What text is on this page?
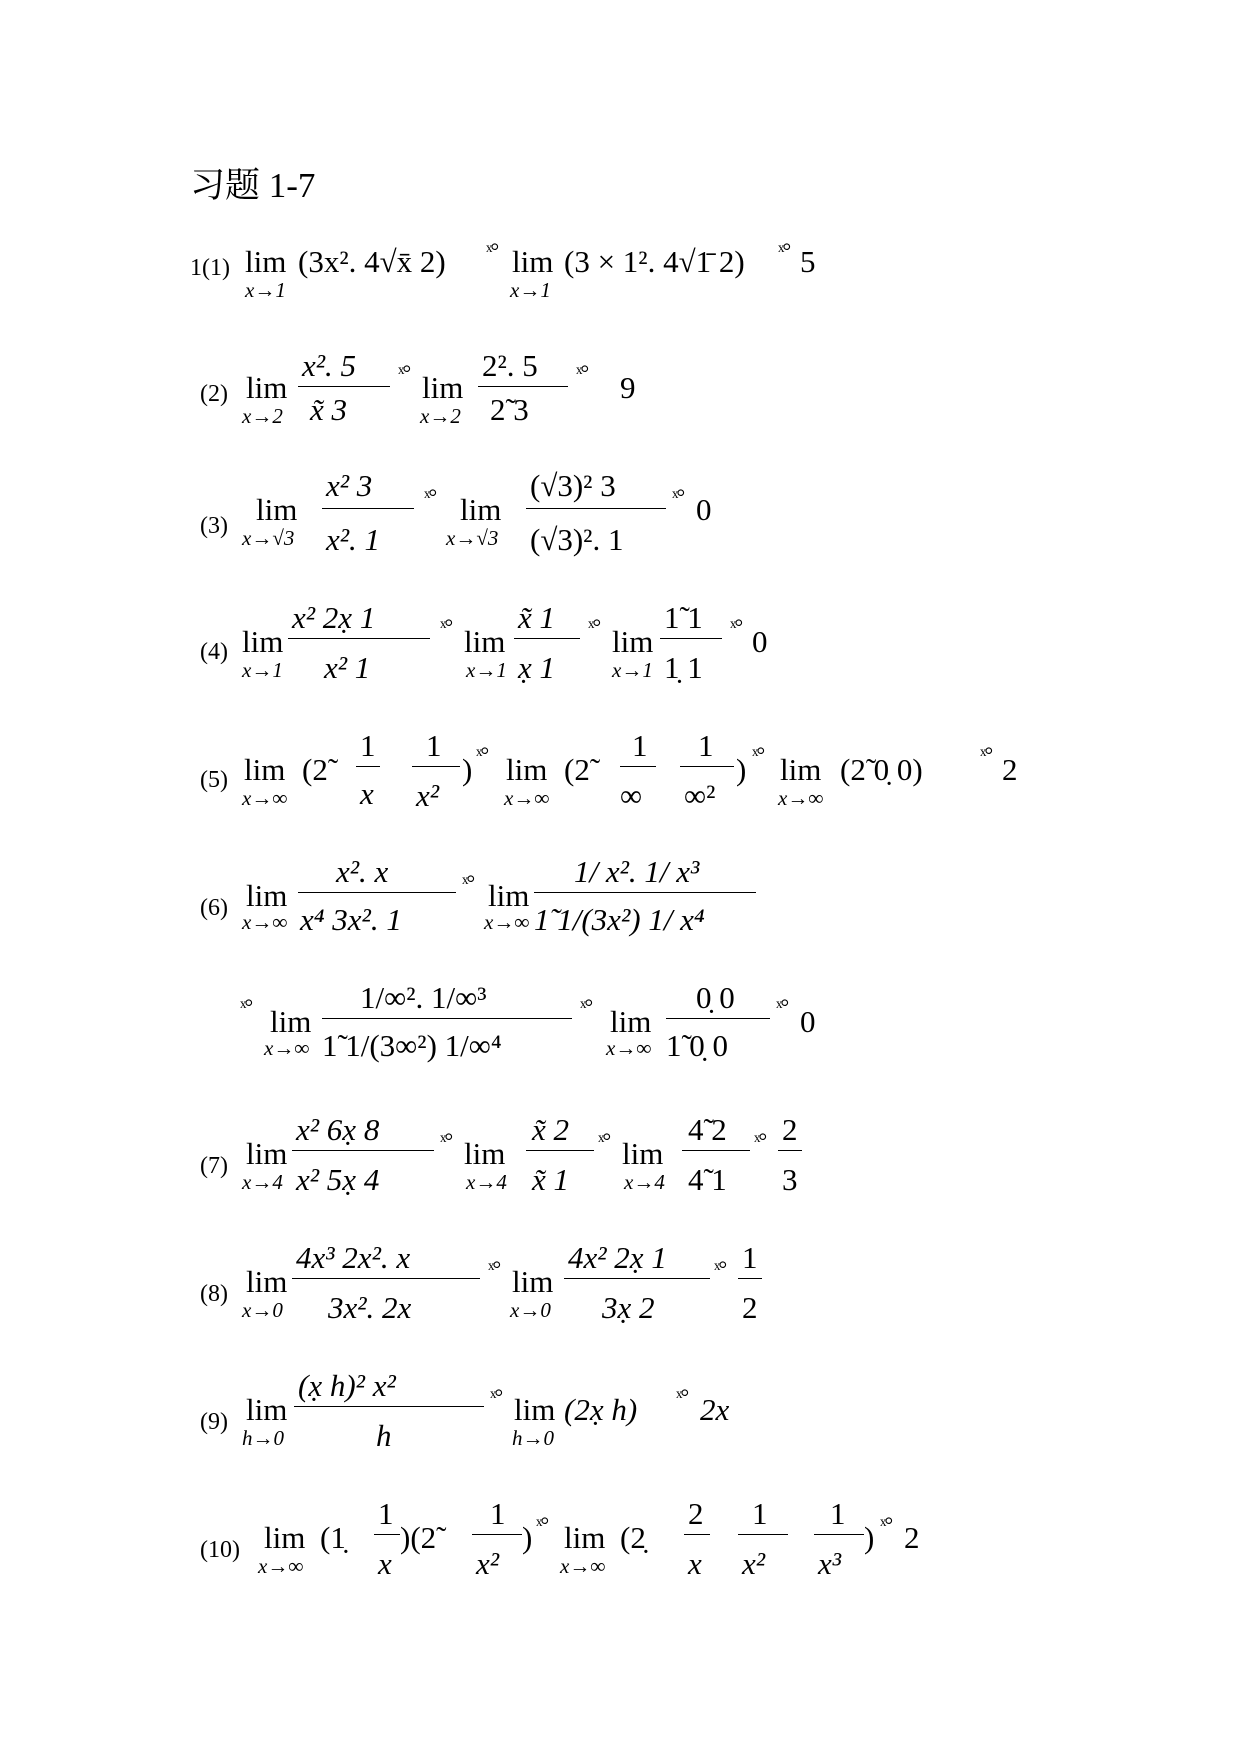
习题 1-7
1(1) lim
x→1
(3x². 4√x̄ 2) ˣ° lim
x→1
(3 × 1². 4√1̄ 2) ˣ° 5
(2) lim
x→2
x². 5
x̃ 3
ˣ° lim
x→2
2². 5
2̃ 3
ˣ° 9
(3) lim
x→√3
x² 3
x². 1
ˣ° lim
x→√3
(√3)² 3
(√3)². 1
ˣ° 0
(4) lim
x→1
x² 2x̣ 1
x² 1
ˣ° lim
x→1
x̃ 1
x̣ 1
ˣ° lim
x→1
1̃ 1
1̣ 1
ˣ° 0
(5) lim
x→∞
(2̃
1
x
1
x²
) ˣ° lim
x→∞
(2̃
1
∞
1
∞²
) ˣ° lim
x→∞
(2̃ 0̣ 0)	ˣ° 2
(6) lim
x→∞
x². x
x⁴ 3x². 1
ˣ° lim
x→∞
1/ x². 1/ x³
1̃ 1/(3x²) 1/ x⁴
ˣ° lim
x→∞
1/∞². 1/∞³
1̃ 1/(3∞²) 1/∞⁴
ˣ° lim
x→∞
0̣ 0
1̃ 0̣ 0
ˣ° 0
(7) lim
x→4
x² 6x̣ 8
x² 5x̣ 4
ˣ° lim
x→4
x̃ 2
x̃ 1
ˣ° lim
x→4
4̃ 2
4̃ 1
ˣ° 2
3
(8) lim
x→0
4x³ 2x². x
3x². 2x
ˣ° lim
x→0
4x² 2x̣ 1
3x̣ 2
ˣ° 1
2
(9) lim
h→0
(x̣ h)² x²
h
ˣ° lim
h→0
(2x̣ h) ˣ° 2x
(10) lim
x→∞
(1̣
1
x
)(2̃
1
x²
) ˣ° lim
x→∞
(2̣
2
x
1
x²
1
x³
) ˣ° 2
